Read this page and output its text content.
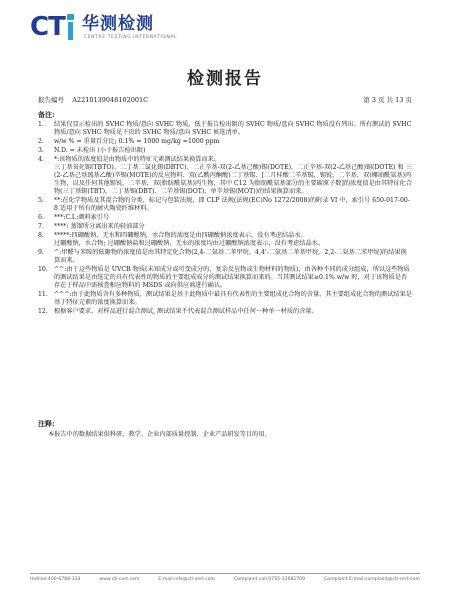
CT 华测检测
CENTRE TESTING INTERNATIONAL
检测报告
报告编号 A2210139048102001C	第 3 页 共 13 页
备注:
1.	结果仅显示检出的 SVHC 物质/意向 SVHC 物质，低于报告检出限的 SVHC 物质/意向 SVHC 物质没有列出。所有测试的 SVHC 物质/意向 SVHC 物质见下页的 SVHC 物质/意向 SVHC 候选清单。

2.	w/w % = 重量百分比; 0.1% = 1000 mg/kg =1000 ppm

3.	N.D. = 未检出 (小于报告检出限)

4.	*:该物质的浓度值是由物质中的特征元素测试结果换算而来。

三丁基氧化锡(TBTO)、二丁基二氯化锡(DBTC)、二正辛基-双(2-乙基己酸)锡(DOTE)、二正辛基-双(2-乙基己酸)锡(DOTE) 和 三(2-乙基己基巯基乙酸)辛锡(MOTE)的反应物料、双(乙酰丙酮酸)二丁基锡、[二月桂酸二辛基锡，锡锐，二辛基，双(椰油酰氨基)丙生物，以及任何其他锡锐，二辛基，双(脂肪酰氨基)丙生物，其中 C12 为脂肪酰氨基部分的主要碳原子数]的浓度值是由其特征化合物(三丁基锡(TBT)、二丁基锡(DBT)、二辛基锡(DOT)、单辛基锡(MOT))的结果换算而来。

5.	**:在化学物质及其混合物的分类，标记与包装法规，即 CLP 法规(法规(EC)No 1272/2008)的附录 VI 中，索引号 650-017-00-8 适用于所有的耐火陶瓷纤维材料。

6.	***:C.I.:颜料索引号

7.	****: 蒸馏所分离出来的轻油部分

8.	*****:四硼酸钠，无水和四硼酸钠，水合物的浓度是由四硼酸钠浓度表示，没有考虑结晶水。

过硼酸钠，水合物; 过硼酸钠盐和过硼酸钠，无水的浓度均由过硼酸钠浓度表示，没有考虑结晶水。

9.	^:甲醛与苯胺的低聚物的浓度值是由其特定化合物(2,4-二氨基二苯甲烷、4,4'-二氨基二苯基甲烷、2,2-二氨基二苯甲烷)的结果换算而来。

10. ^^:由于这些物质是 UVCB 物质(未知成分或可变成分的，复杂反应物或生物材料的物质)，由各种不同的成分组成，所以这些物质的测试结果是由选定的具有代表性的物质的主要组成成分的测试结果换算而来的。当其测试结果≥0.1% w/w 时，对于该物质是否存在于样品中需核查相应物料的 MSDS 或向供应商进行确认。

11. ^^^:由于此物质含有多种物质，测试结果是基于此物质中最具有代表性的主要组成化合物的含量，其主要组成化合物的测试结果是基于特征元素的浓度换算而来。

12. 根据客户要求，对样品进行混合测试, 测试结果不代表混合测试样品中任何一种单一材质的含量。

注释:
本报告中的数据结果供科研、教学、企业内部质量控制、企业产品研发等目的用。
Hotline:400-6788-333	www.cti-cert.com	E-mail:info@cti-cert.com	Complaint call:0755-33681700	Complaint E-mail:complaint@cti-cert.com
